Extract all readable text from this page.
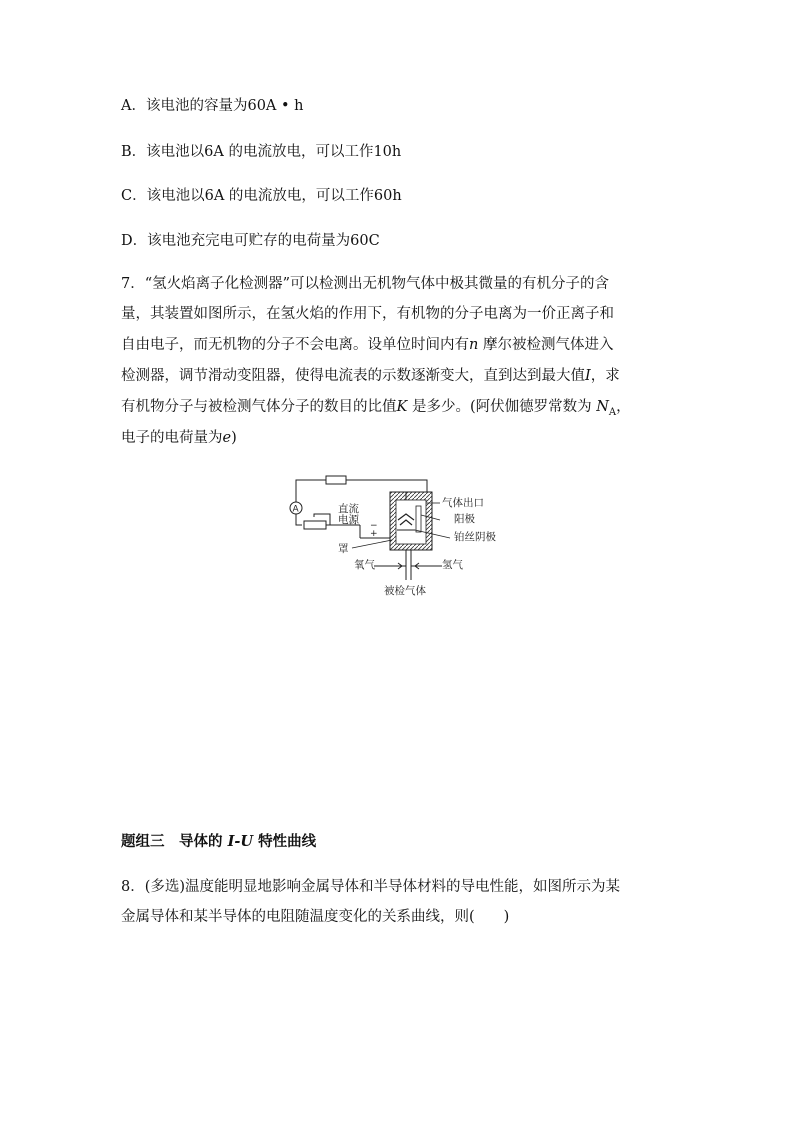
A．该电池的容量为60A • h
B．该电池以6A 的电流放电，可以工作10h
C．该电池以6A 的电流放电，可以工作60h
D．该电池充完电可贮存的电荷量为60C
7．“氢火焰离子化检测器”可以检测出无机物气体中极其微量的有机分子的含
量，其装置如图所示，在氢火焰的作用下，有机物的分子电离为一价正离子和
自由电子，而无机物的分子不会电离。设单位时间内有n 摩尔被检测气体进入
检测器，调节滑动变阻器，使得电流表的示数逐渐变大，直到达到最大值I，求
有机物分子与被检测气体分子的数目的比值K 是多少。(阿伏伽德罗常数为 $N_A$，
电子的电荷量为e)
A	直流
电源 −
+
气体出口
阳极
铂丝阴极
罩
氧气	氢气
被检气体
题组三　导体的 I-U 特性曲线
8．(多选)温度能明显地影响金属导体和半导体材料的导电性能，如图所示为某
金属导体和某半导体的电阻随温度变化的关系曲线，则(　　)
